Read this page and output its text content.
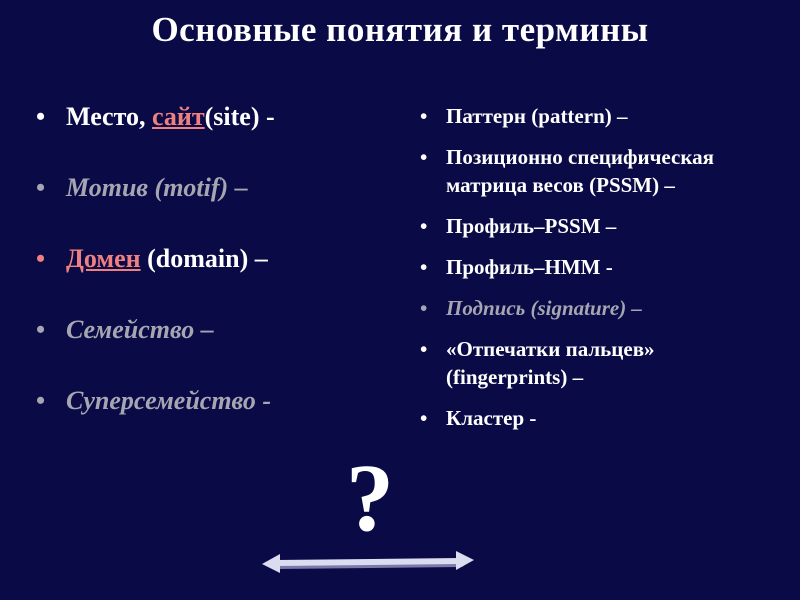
Основные понятия и термины
• Место, сайт(site) -
• Мотив (motif) –
• Домен (domain) –
• Семейство –
• Суперсемейство -
• Паттерн (pattern) –
• Позиционно специфическая матрица весов (PSSM) –
• Профиль–PSSM –
• Профиль–HMM -
• Подпись (signature) –
• «Отпечатки пальцев» (fingerprints) –
• Кластер -
?
